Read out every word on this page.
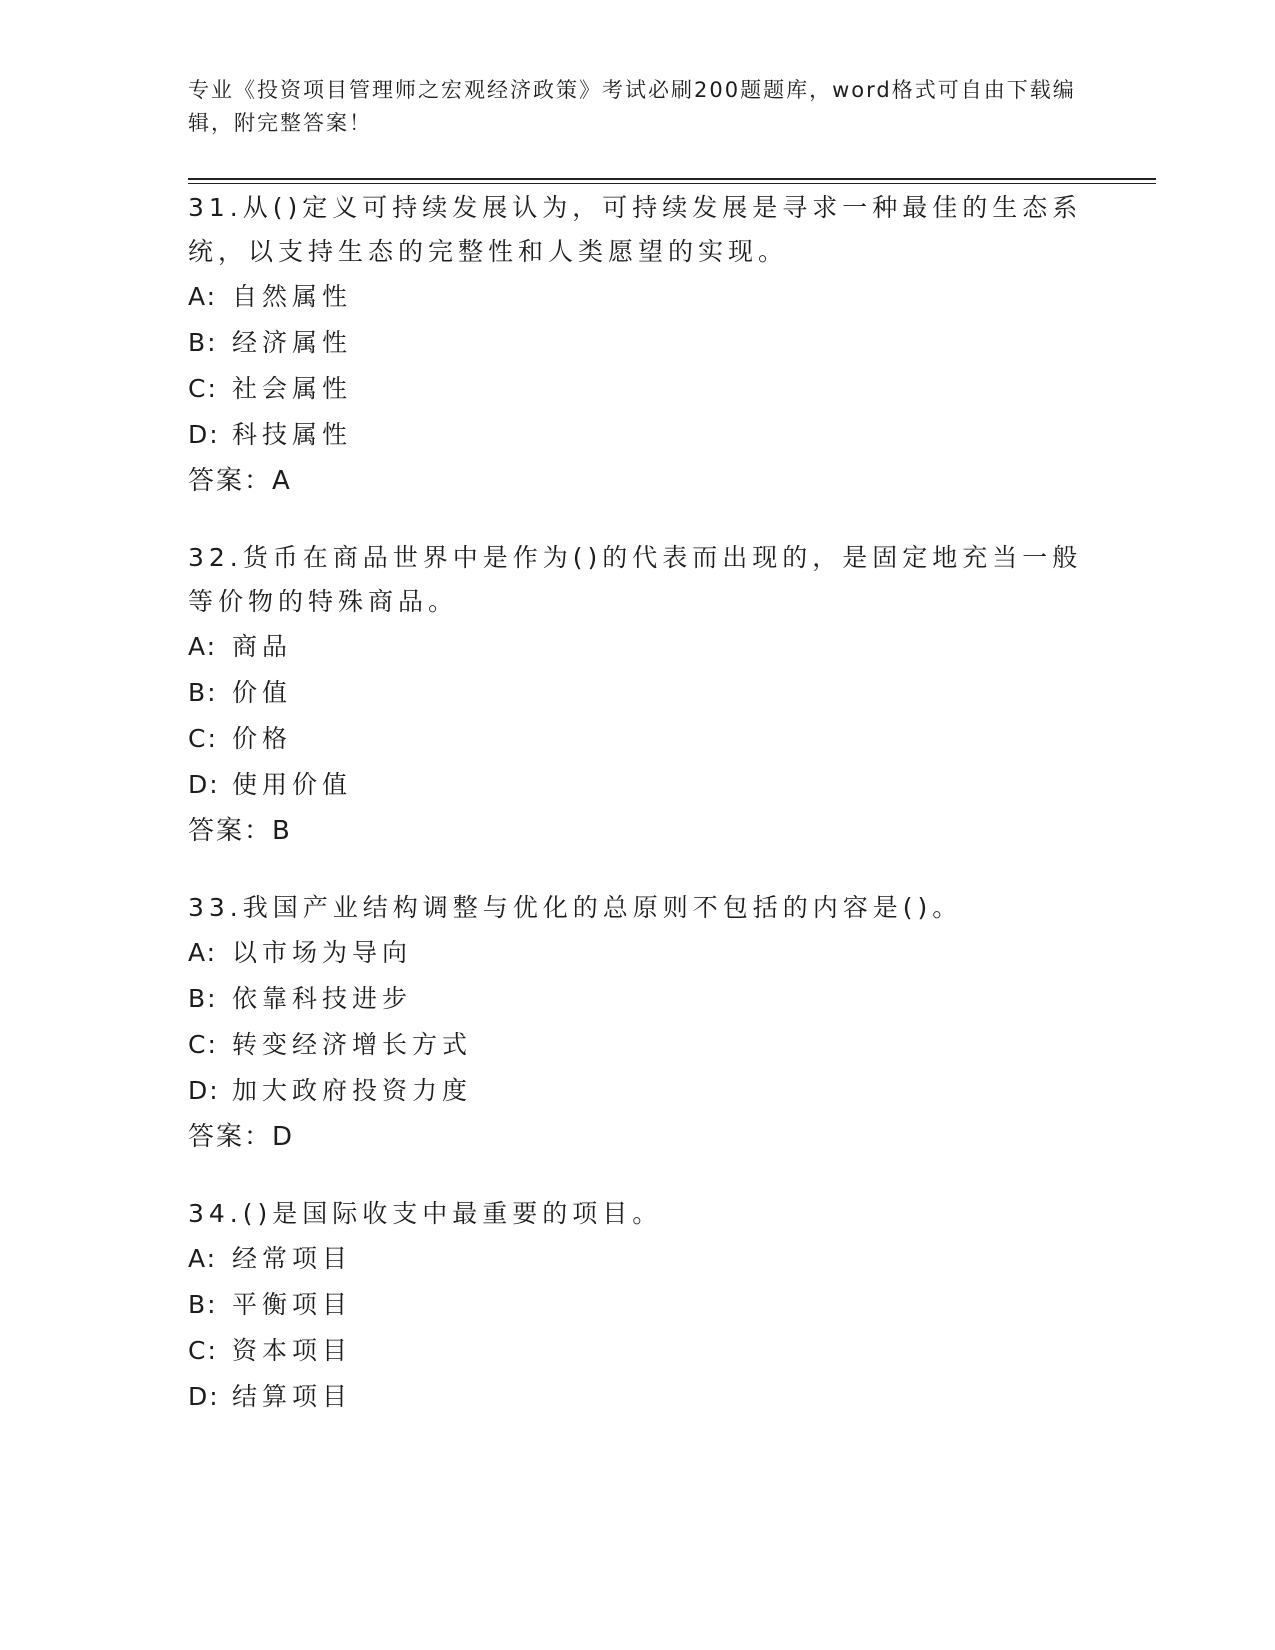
专业《投资项目管理师之宏观经济政策》考试必刷200题题库，word格式可自由下载编辑，附完整答案！

31.从()定义可持续发展认为，可持续发展是寻求一种最佳的生态系统，以支持生态的完整性和人类愿望的实现。

A: 自然属性

B: 经济属性

C: 社会属性

D: 科技属性

答案：A

32.货币在商品世界中是作为()的代表而出现的，是固定地充当一般等价物的特殊商品。

A: 商品

B: 价值

C: 价格

D: 使用价值

答案：B

33.我国产业结构调整与优化的总原则不包括的内容是()。

A: 以市场为导向

B: 依靠科技进步

C: 转变经济增长方式

D: 加大政府投资力度

答案：D

34.()是国际收支中最重要的项目。

A: 经常项目

B: 平衡项目

C: 资本项目

D: 结算项目
